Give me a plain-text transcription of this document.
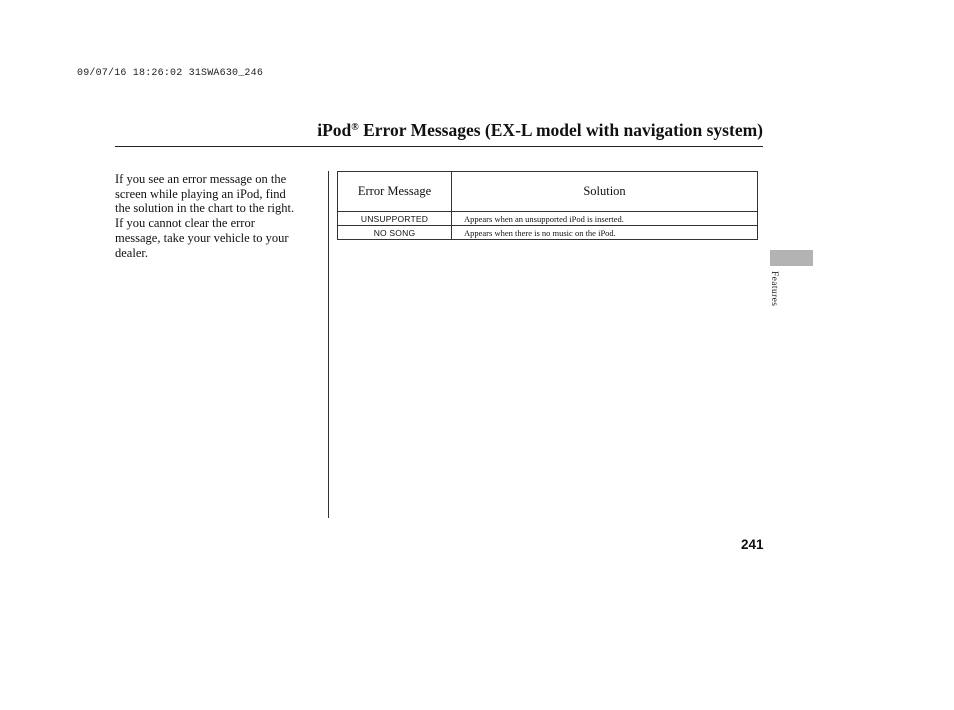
09/07/16 18:26:02 31SWA630_246
iPod® Error Messages (EX-L model with navigation system)

If you see an error message on the
screen while playing an iPod, find
the solution in the chart to the right.
If you cannot clear the error
message, take your vehicle to your
dealer.

Error Message	Solution
UNSUPPORTED	Appears when an unsupported iPod is inserted.
NO SONG	Appears when there is no music on the iPod.
Features
241
